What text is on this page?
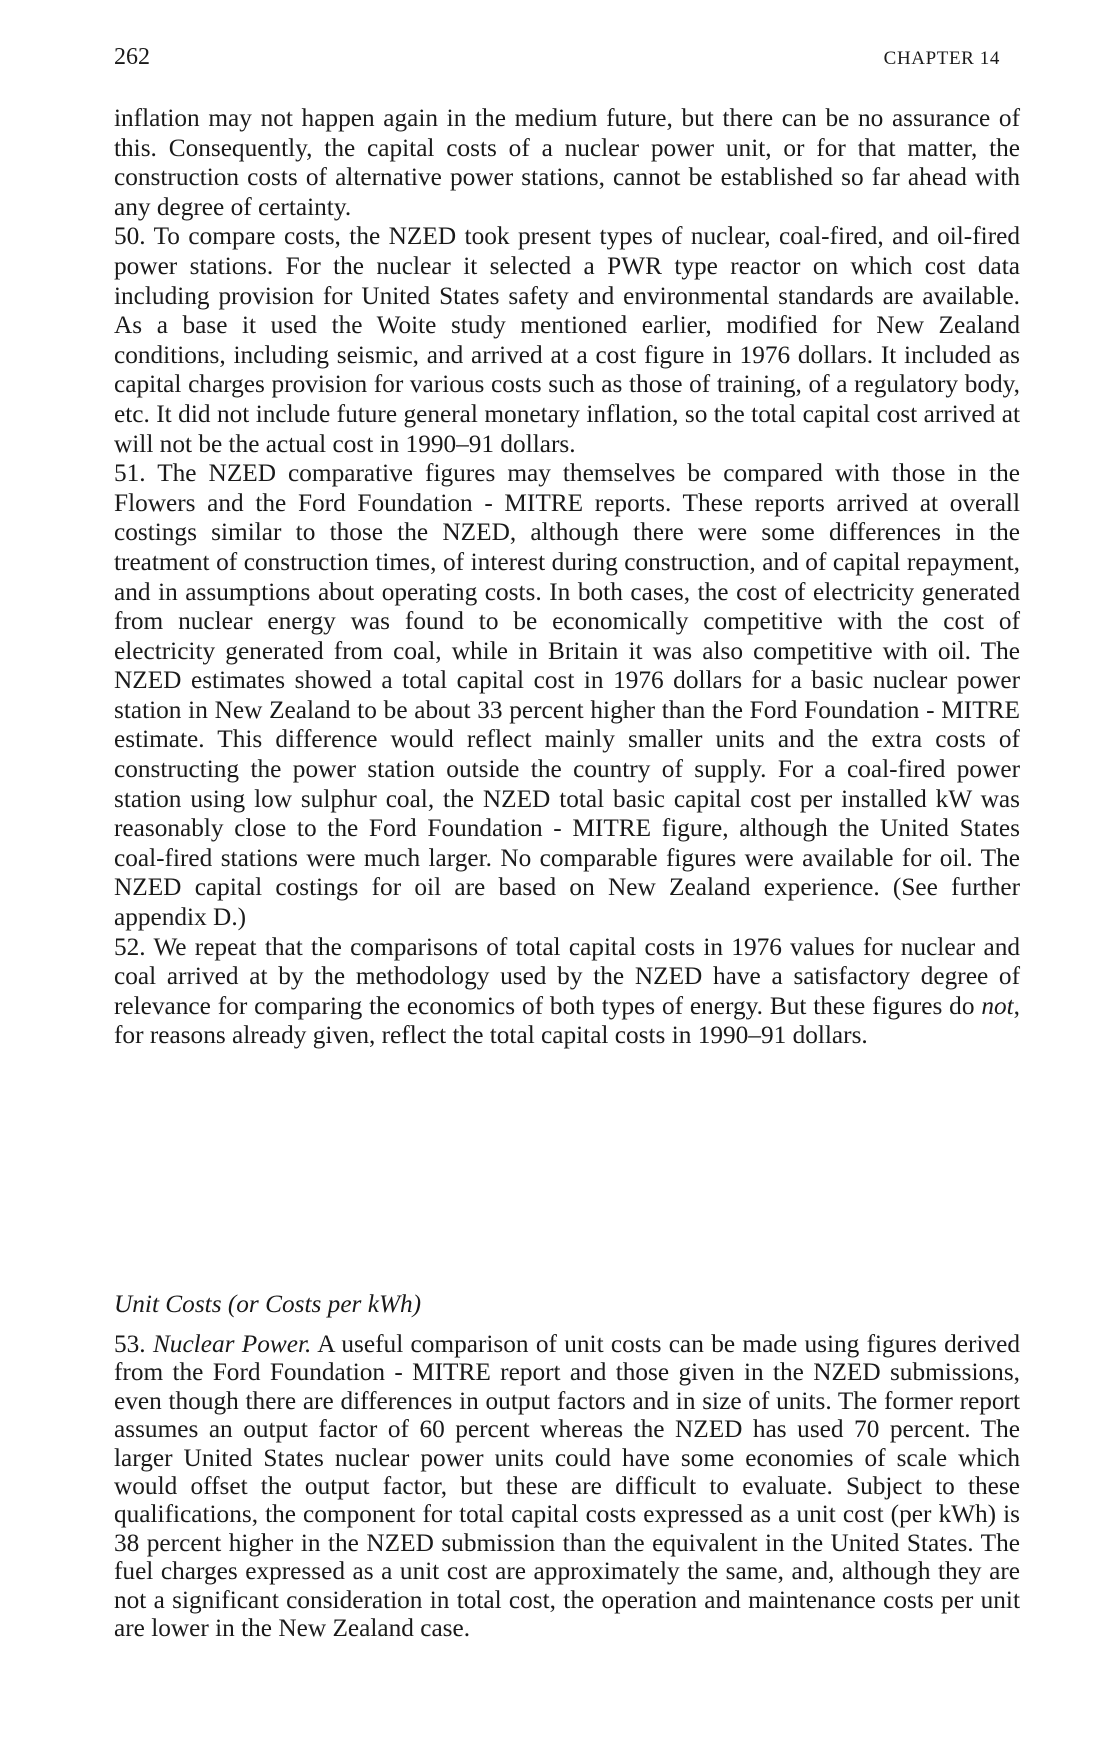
262	CHAPTER 14

inflation may not happen again in the medium future, but there can be no assurance of this. Consequently, the capital costs of a nuclear power unit, or for that matter, the construction costs of alternative power stations, cannot be established so far ahead with any degree of certainty.

50. To compare costs, the NZED took present types of nuclear, coal-fired, and oil-fired power stations. For the nuclear it selected a PWR type reactor on which cost data including provision for United States safety and environmental standards are available. As a base it used the Woite study mentioned earlier, modified for New Zealand conditions, including seismic, and arrived at a cost figure in 1976 dollars. It included as capital charges provision for various costs such as those of training, of a regulatory body, etc. It did not include future general monetary inflation, so the total capital cost arrived at will not be the actual cost in 1990–91 dollars.

51. The NZED comparative figures may themselves be compared with those in the Flowers and the Ford Foundation - MITRE reports. These reports arrived at overall costings similar to those the NZED, although there were some differences in the treatment of construction times, of interest during construction, and of capital repayment, and in assumptions about operating costs. In both cases, the cost of electricity generated from nuclear energy was found to be economically competitive with the cost of electricity generated from coal, while in Britain it was also competitive with oil. The NZED estimates showed a total capital cost in 1976 dollars for a basic nuclear power station in New Zealand to be about 33 percent higher than the Ford Foundation - MITRE estimate. This difference would reflect mainly smaller units and the extra costs of constructing the power station outside the country of supply. For a coal-fired power station using low sulphur coal, the NZED total basic capital cost per installed kW was reasonably close to the Ford Foundation - MITRE figure, although the United States coal-fired stations were much larger. No comparable figures were available for oil. The NZED capital costings for oil are based on New Zealand experience. (See further appendix D.)

52. We repeat that the comparisons of total capital costs in 1976 values for nuclear and coal arrived at by the methodology used by the NZED have a satisfactory degree of relevance for comparing the economics of both types of energy. But these figures do not, for reasons already given, reflect the total capital costs in 1990–91 dollars.

Unit Costs (or Costs per kWh)

53. Nuclear Power. A useful comparison of unit costs can be made using figures derived from the Ford Foundation - MITRE report and those given in the NZED submissions, even though there are differences in output factors and in size of units. The former report assumes an output factor of 60 percent whereas the NZED has used 70 percent. The larger United States nuclear power units could have some economies of scale which would offset the output factor, but these are difficult to evaluate. Subject to these qualifications, the component for total capital costs expressed as a unit cost (per kWh) is 38 percent higher in the NZED submission than the equivalent in the United States. The fuel charges expressed as a unit cost are approximately the same, and, although they are not a significant consideration in total cost, the operation and maintenance costs per unit are lower in the New Zealand case.
